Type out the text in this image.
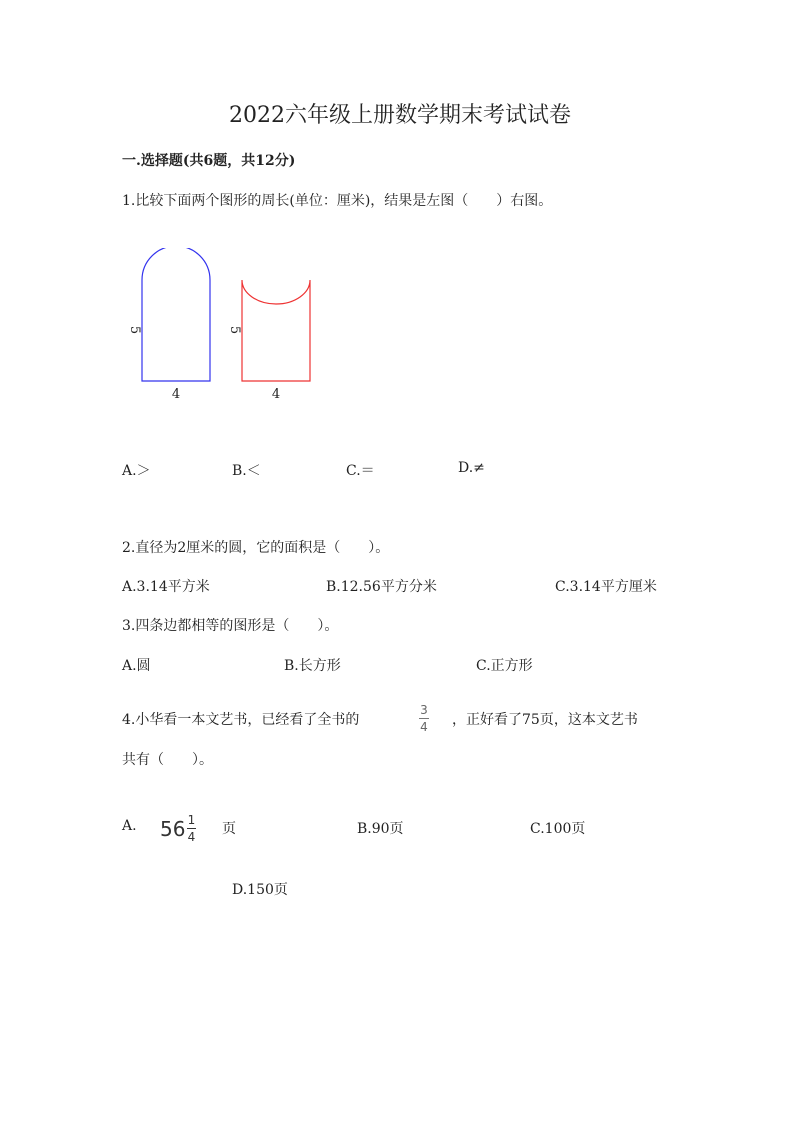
2022六年级上册数学期末考试试卷
一.选择题(共6题，共12分)
1.比较下面两个图形的周长(单位：厘米)，结果是左图（　　）右图。
5
4
5
4
A.＞	B.＜	C.＝	D.≠
2.直径为2厘米的圆，它的面积是（　　）。
A.3.14平方米	B.12.56平方分米	C.3.14平方厘米
3.四条边都相等的图形是（　　）。
A.圆	B.长方形	C.正方形
4.小华看一本文艺书，已经看了全书的
3
4 ，正好看了75页，这本文艺书
共有（　　）。
A. 56 1
4 页	B.90页	C.100页
D.150页
